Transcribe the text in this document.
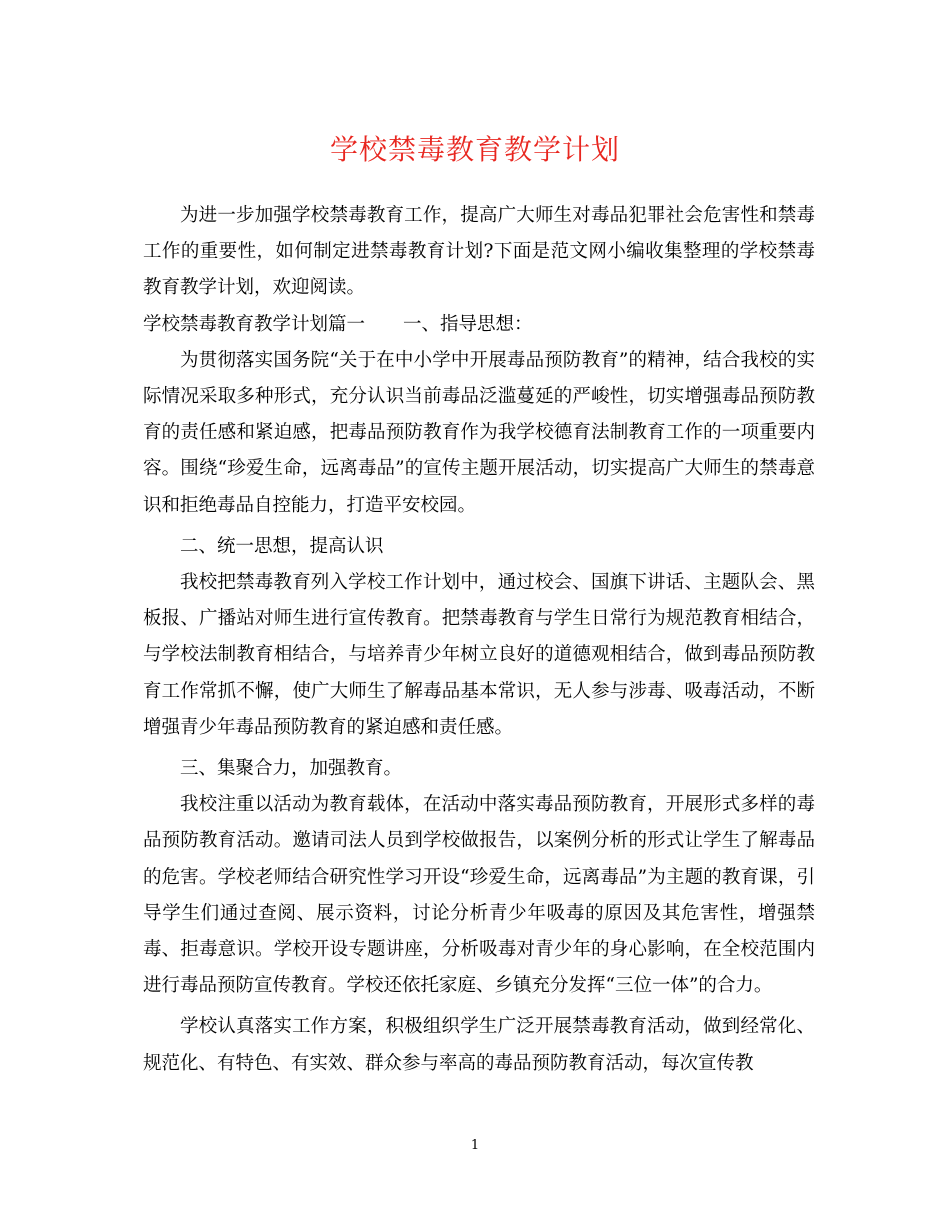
学校禁毒教育教学计划

为进一步加强学校禁毒教育工作，提高广大师生对毒品犯罪社会危害性和禁毒工作的重要性，如何制定进禁毒教育计划?下面是范文网小编收集整理的学校禁毒教育教学计划，欢迎阅读。

学校禁毒教育教学计划篇一 一、指导思想：

为贯彻落实国务院“关于在中小学中开展毒品预防教育”的精神，结合我校的实际情况采取多种形式，充分认识当前毒品泛滥蔓延的严峻性，切实增强毒品预防教育的责任感和紧迫感，把毒品预防教育作为我学校德育法制教育工作的一项重要内容。围绕“珍爱生命，远离毒品”的宣传主题开展活动，切实提高广大师生的禁毒意识和拒绝毒品自控能力，打造平安校园。

二、统一思想，提高认识

我校把禁毒教育列入学校工作计划中，通过校会、国旗下讲话、主题队会、黑板报、广播站对师生进行宣传教育。把禁毒教育与学生日常行为规范教育相结合，与学校法制教育相结合，与培养青少年树立良好的道德观相结合，做到毒品预防教育工作常抓不懈，使广大师生了解毒品基本常识，无人参与涉毒、吸毒活动，不断增强青少年毒品预防教育的紧迫感和责任感。

三、集聚合力，加强教育。

我校注重以活动为教育载体，在活动中落实毒品预防教育，开展形式多样的毒品预防教育活动。邀请司法人员到学校做报告，以案例分析的形式让学生了解毒品的危害。学校老师结合研究性学习开设“珍爱生命，远离毒品”为主题的教育课，引导学生们通过查阅、展示资料，讨论分析青少年吸毒的原因及其危害性，增强禁毒、拒毒意识。学校开设专题讲座，分析吸毒对青少年的身心影响，在全校范围内进行毒品预防宣传教育。学校还依托家庭、乡镇充分发挥“三位一体”的合力。

学校认真落实工作方案，积极组织学生广泛开展禁毒教育活动，做到经常化、规范化、有特色、有实效、群众参与率高的毒品预防教育活动，每次宣传教

1
